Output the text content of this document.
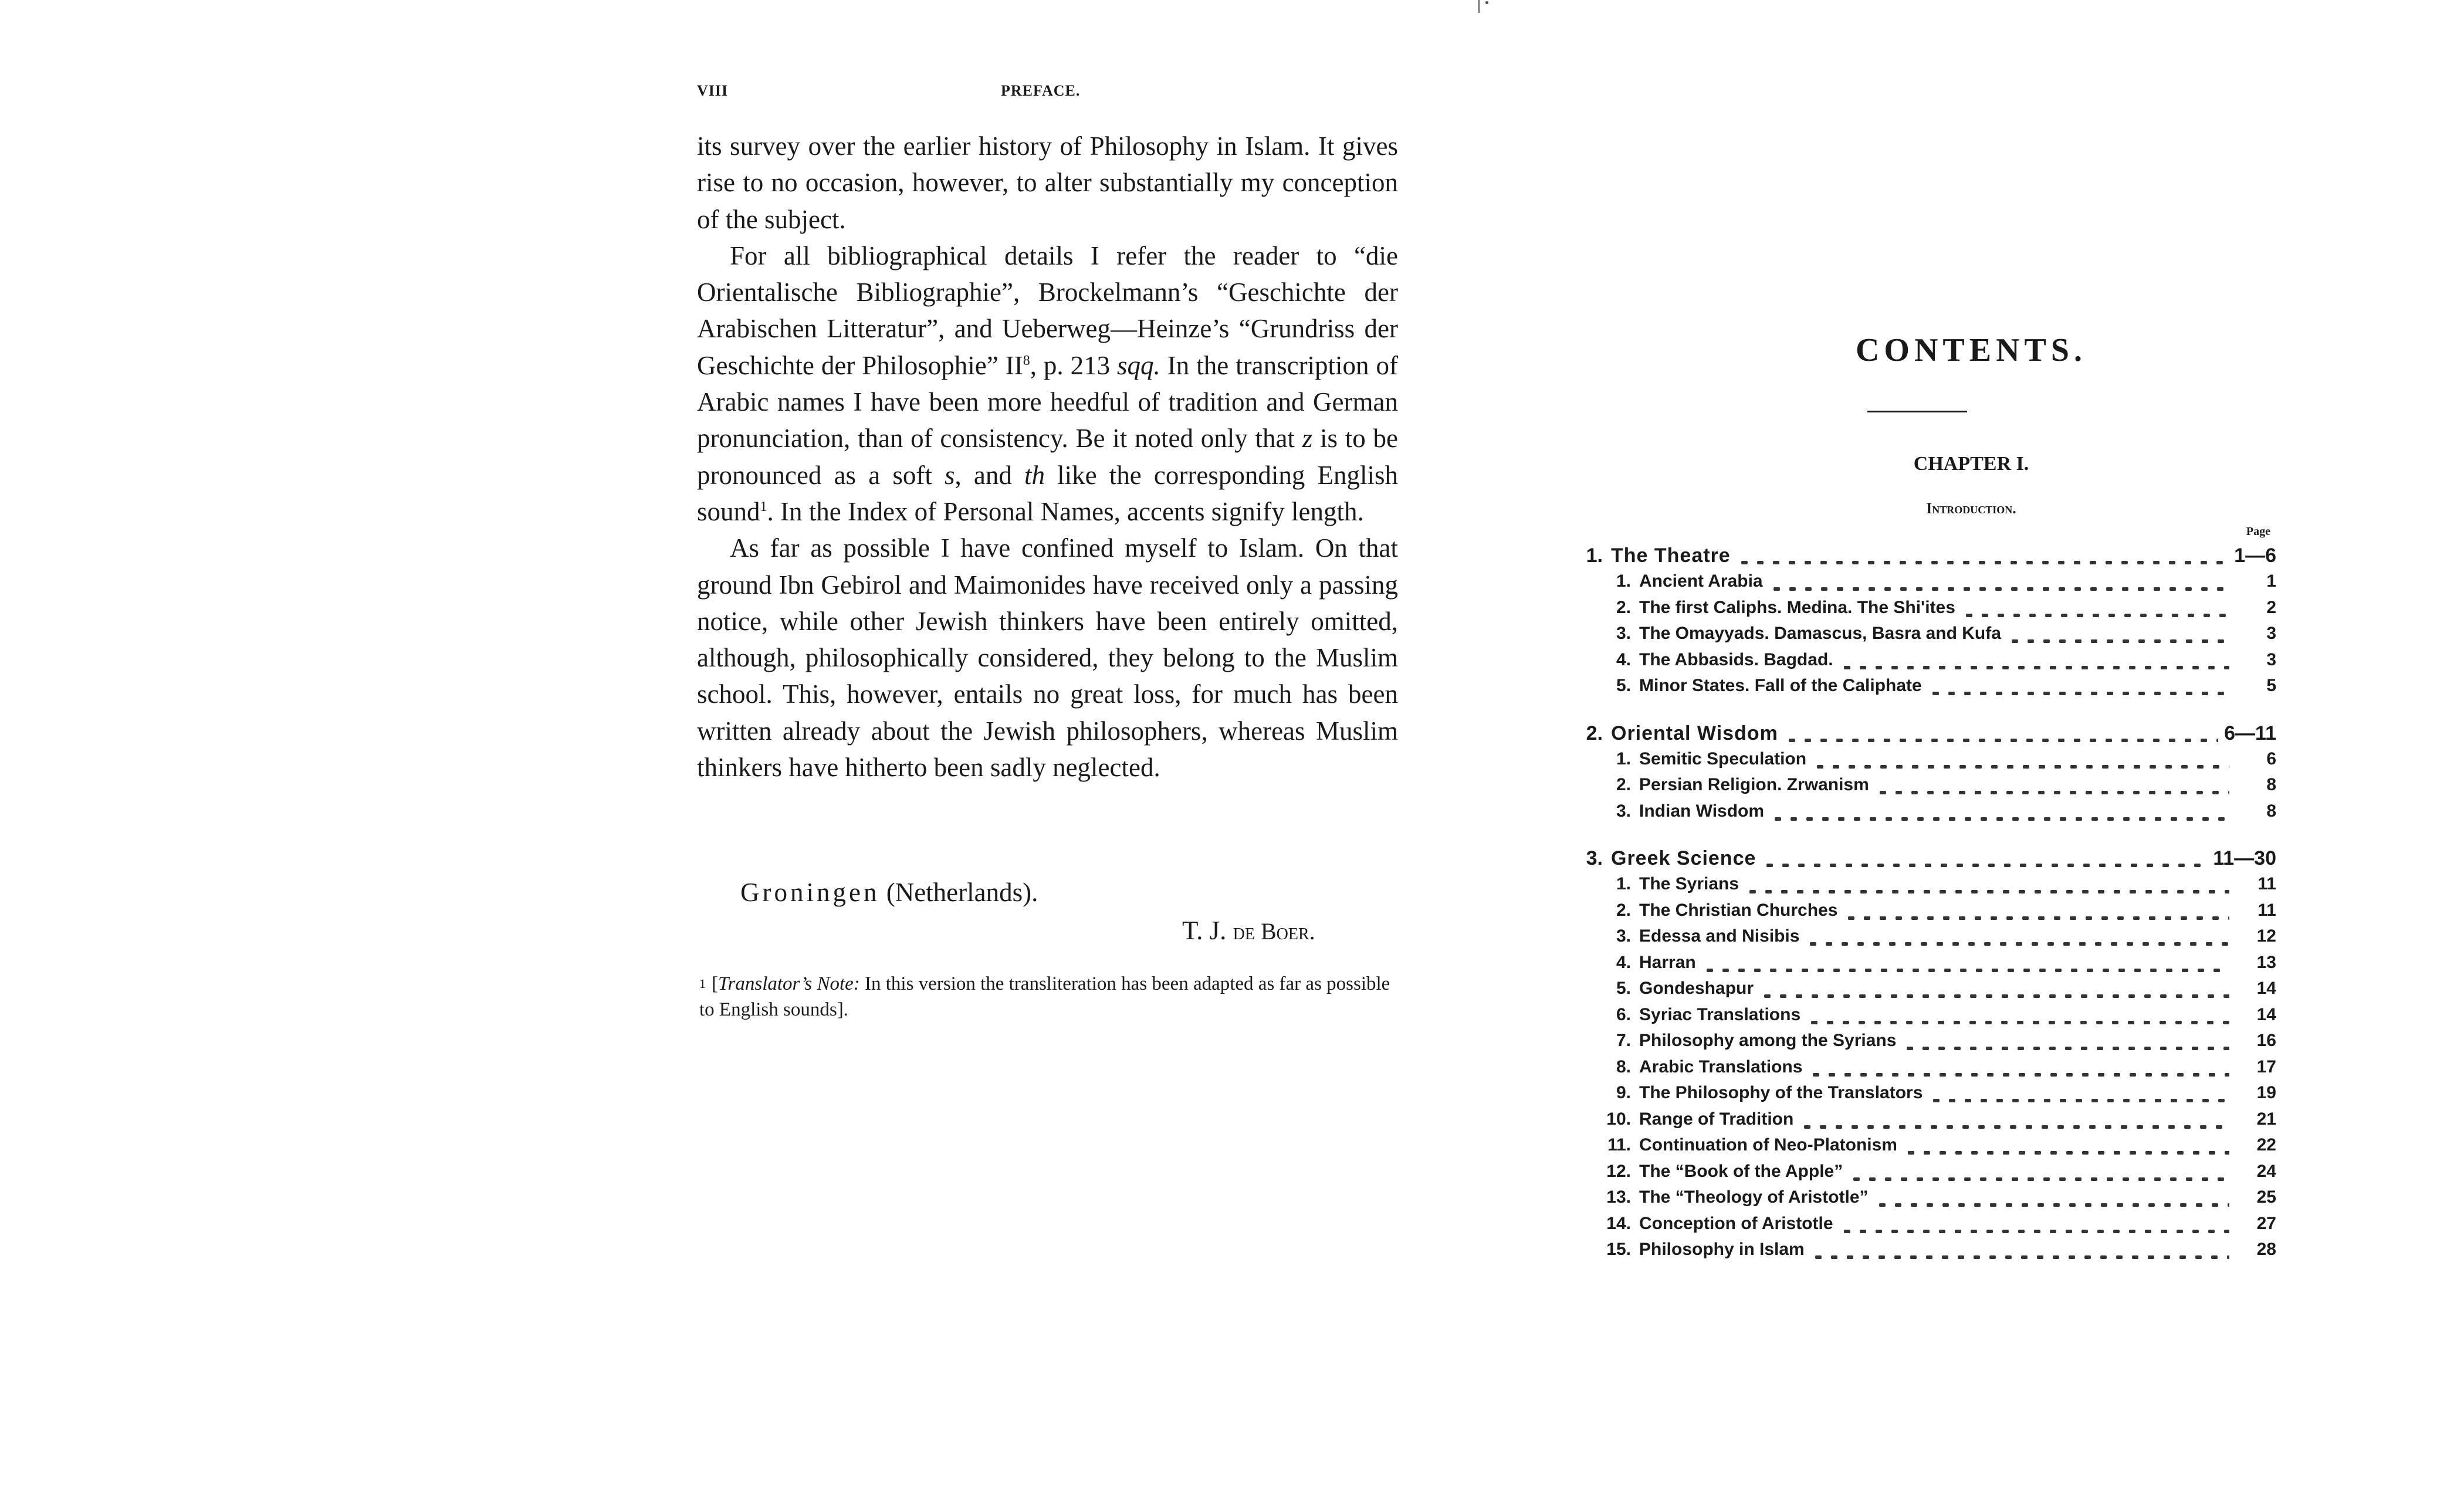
VIII	PREFACE.

its survey over the earlier history of Philosophy in Islam. It gives rise to no occasion, however, to alter substantially my conception of the subject.

For all bibliographical details I refer the reader to “die Orientalische Bibliographie”, Brockelmann’s “Geschichte der Arabischen Litteratur”, and Ueberweg—Heinze’s “Grundriss der Geschichte der Philosophie” $II^8$, p. 213 sqq. In the transcription of Arabic names I have been more heedful of tradition and German pronunciation, than of consistency. Be it noted only that z is to be pronounced as a soft s, and th like the corresponding English sound$^1$. In the Index of Personal Names, accents signify length.

As far as possible I have confined myself to Islam. On that ground Ibn Gebirol and Maimonides have received only a passing notice, while other Jewish thinkers have been entirely omitted, although, philosophically considered, they belong to the Muslim school. This, however, entails no great loss, for much has been written already about the Jewish philosophers, whereas Muslim thinkers have hitherto been sadly neglected.

Groningen (Netherlands).
T. J. de Boer.
$^1$ [Translator’s Note: In this version the transliteration has been adapted as far as possible to English sounds].
CONTENTS.
CHAPTER I.
Introduction.
Page
1. The Theatre	1—6
1. Ancient Arabia	1
2. The first Caliphs. Medina. The Shi'ites	2
3. The Omayyads. Damascus, Basra and Kufa	3
4. The Abbasids. Bagdad.	3
5. Minor States. Fall of the Caliphate	5
2. Oriental Wisdom	6—11
1. Semitic Speculation	6
2. Persian Religion. Zrwanism	8
3. Indian Wisdom	8
3. Greek Science	11—30
1. The Syrians	11
2. The Christian Churches	11
3. Edessa and Nisibis	12
4. Harran	13
5. Gondeshapur	14
6. Syriac Translations	14
7. Philosophy among the Syrians	16
8. Arabic Translations	17
9. The Philosophy of the Translators	19
10. Range of Tradition	21
11. Continuation of Neo-Platonism	22
12. The “Book of the Apple”	24
13. The “Theology of Aristotle”	25
14. Conception of Aristotle	27
15. Philosophy in Islam	28
